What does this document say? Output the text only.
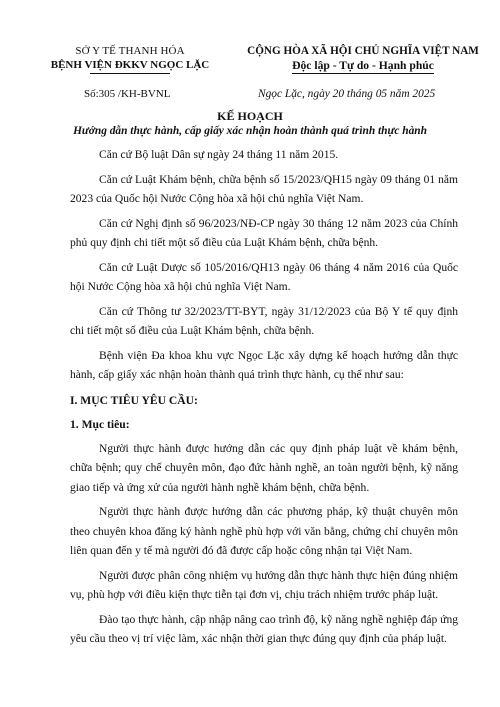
SỞ Y TẾ THANH HÓA
BỆNH VIỆN ĐKKV NGỌC LẶC
CỘNG HÒA XÃ HỘI CHỦ NGHĨA VIỆT NAM
Độc lập - Tự do - Hạnh phúc
Số:305 /KH-BVNL	Ngọc Lặc, ngày 20 tháng 05 năm 2025
KẾ HOẠCH
Hướng dẫn thực hành, cấp giấy xác nhận hoàn thành quá trình thực hành

Căn cứ Bộ luật Dân sự ngày 24 tháng 11 năm 2015.

Căn cứ Luật Khám bệnh, chữa bệnh số 15/2023/QH15 ngày 09 tháng 01 năm 2023 của Quốc hội Nước Cộng hòa xã hội chủ nghĩa Việt Nam.

Căn cứ Nghị định số 96/2023/NĐ-CP ngày 30 tháng 12 năm 2023 của Chính phủ quy định chi tiết một số điều của Luật Khám bệnh, chữa bệnh.

Căn cứ Luật Dược số 105/2016/QH13 ngày 06 tháng 4 năm 2016 của Quốc hội Nước Cộng hòa xã hội chủ nghĩa Việt Nam.

Căn cứ Thông tư 32/2023/TT-BYT, ngày 31/12/2023 của Bộ Y tế quy định chi tiết một số điều của Luật Khám bệnh, chữa bệnh.

Bệnh viện Đa khoa khu vực Ngọc Lặc xây dựng kế hoạch hướng dẫn thực hành, cấp giấy xác nhận hoàn thành quá trình thực hành, cụ thể như sau:

I. MỤC TIÊU YÊU CẦU:
1. Mục tiêu:

Người thực hành được hướng dẫn các quy định pháp luật về khám bệnh, chữa bệnh; quy chế chuyên môn, đạo đức hành nghề, an toàn người bệnh, kỹ năng giao tiếp và ứng xử của người hành nghề khám bệnh, chữa bệnh.

Người thực hành được hướng dẫn các phương pháp, kỹ thuật chuyên môn theo chuyên khoa đăng ký hành nghề phù hợp với văn bằng, chứng chỉ chuyên môn liên quan đến y tế mà người đó đã được cấp hoặc công nhận tại Việt Nam.

Người được phân công nhiệm vụ hướng dẫn thực hành thực hiện đúng nhiệm vụ, phù hợp với điều kiện thực tiễn tại đơn vị, chịu trách nhiệm trước pháp luật.

Đào tạo thực hành, cập nhập nâng cao trình độ, kỹ năng nghề nghiệp đáp ứng yêu cầu theo vị trí việc làm, xác nhận thời gian thực đúng quy định của pháp luật.
